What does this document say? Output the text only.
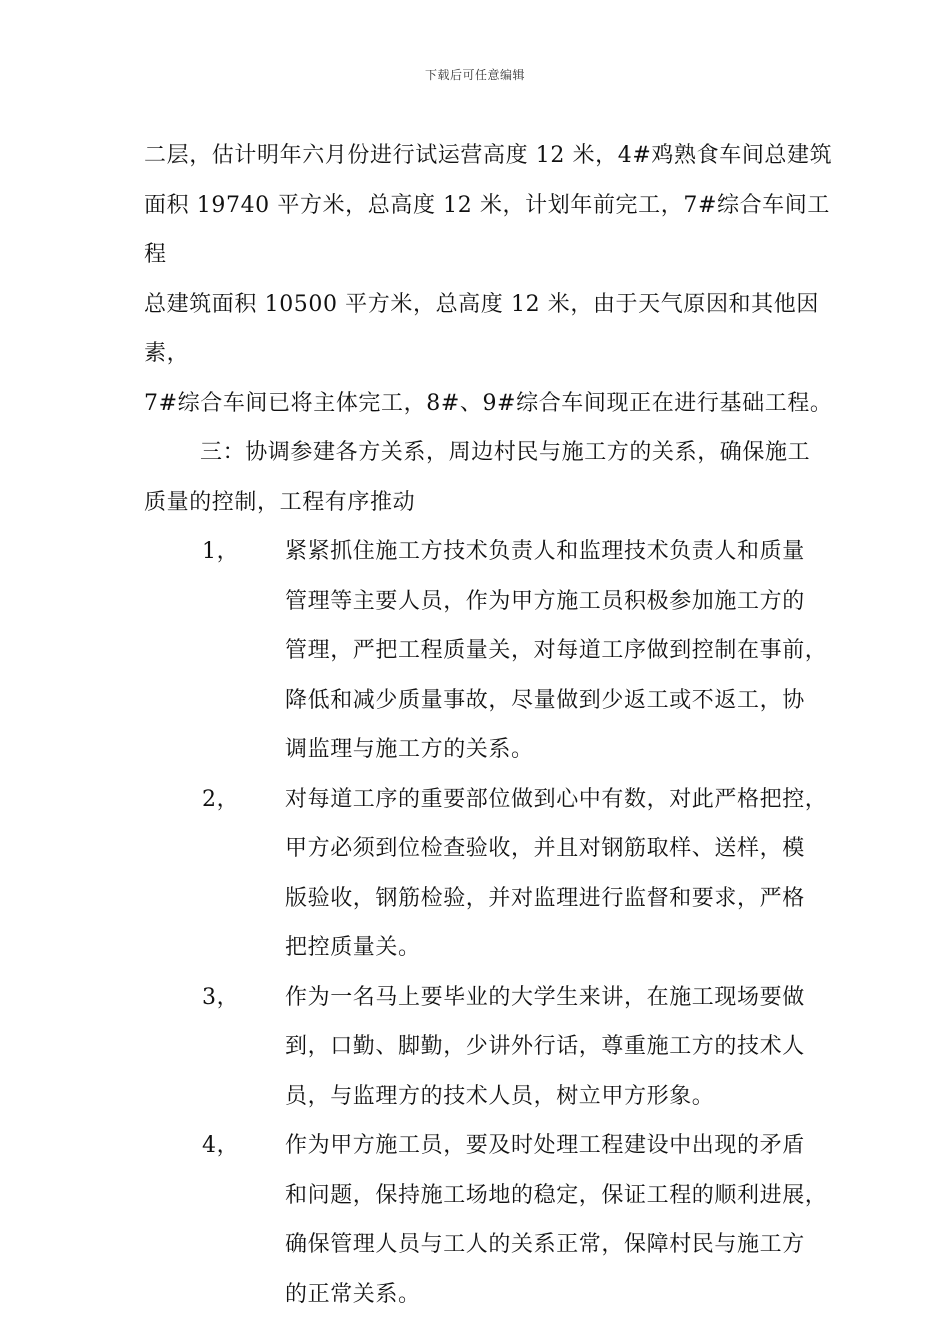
下载后可任意编辑
二层，估计明年六月份进行试运营高度 12 米，4#鸡熟食车间总建筑
面积 19740 平方米，总高度 12 米，计划年前完工，7#综合车间工程
总建筑面积 10500 平方米，总高度 12 米，由于天气原因和其他因素，
7#综合车间已将主体完工，8#、9#综合车间现正在进行基础工程。
三：协调参建各方关系，周边村民与施工方的关系，确保施工
质量的控制，工程有序推动
1， 紧紧抓住施工方技术负责人和监理技术负责人和质量
管理等主要人员，作为甲方施工员积极参加施工方的
管理，严把工程质量关，对每道工序做到控制在事前，
降低和减少质量事故，尽量做到少返工或不返工，协
调监理与施工方的关系。
2， 对每道工序的重要部位做到心中有数，对此严格把控，
甲方必须到位检查验收，并且对钢筋取样、送样，模
版验收，钢筋检验，并对监理进行监督和要求，严格
把控质量关。
3， 作为一名马上要毕业的大学生来讲，在施工现场要做
到，口勤、脚勤，少讲外行话，尊重施工方的技术人
员，与监理方的技术人员，树立甲方形象。
4， 作为甲方施工员，要及时处理工程建设中出现的矛盾
和问题，保持施工场地的稳定，保证工程的顺利进展，
确保管理人员与工人的关系正常，保障村民与施工方
的正常关系。
